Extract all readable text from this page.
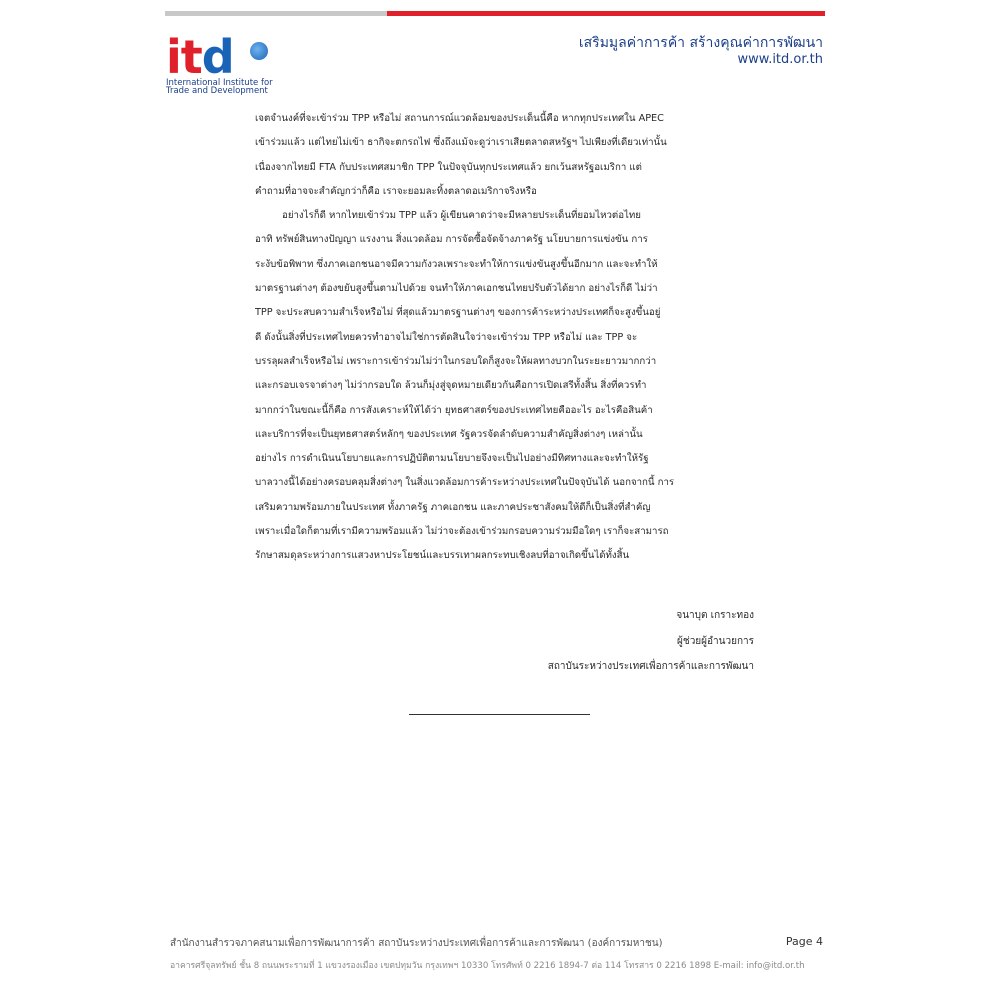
itd
International Institute for
Trade and Development
เสริมมูลค่าการค้า สร้างคุณค่าการพัฒนา
www.itd.or.th
เจตจำนงค์ที่จะเข้าร่วม TPP หรือไม่ สถานการณ์แวดล้อมของประเด็นนี้คือ หากทุกประเทศใน APEC
เข้าร่วมแล้ว แต่ไทยไม่เข้า ธากิจะตกรถไฟ ซึ่งถึงแม้จะดูว่าเราเสียตลาดสหรัฐฯ ไปเพียงที่เดียวเท่านั้น
เนื่องจากไทยมี FTA กับประเทศสมาชิก TPP ในปัจจุบันทุกประเทศแล้ว ยกเว้นสหรัฐอเมริกา แต่
คำถามที่อาจจะสำคัญกว่าก็คือ เราจะยอมละทิ้งตลาดอเมริกาจริงหรือ
อย่างไรก็ดี หากไทยเข้าร่วม TPP แล้ว ผู้เขียนคาดว่าจะมีหลายประเด็นที่ยอมไหวต่อไทย
อาทิ ทรัพย์สินทางปัญญา แรงงาน สิ่งแวดล้อม การจัดซื้อจัดจ้างภาครัฐ นโยบายการแข่งขัน การ
ระงับข้อพิพาท ซึ่งภาคเอกชนอาจมีความกังวลเพราะจะทำให้การแข่งขันสูงขึ้นอีกมาก และจะทำให้
มาตรฐานต่างๆ ต้องขยับสูงขึ้นตามไปด้วย จนทำให้ภาคเอกชนไทยปรับตัวได้ยาก อย่างไรก็ดี ไม่ว่า
TPP จะประสบความสำเร็จหรือไม่ ที่สุดแล้วมาตรฐานต่างๆ ของการค้าระหว่างประเทศก็จะสูงขึ้นอยู่
ดี ดังนั้นสิ่งที่ประเทศไทยควรทำอาจไม่ใช่การตัดสินใจว่าจะเข้าร่วม TPP หรือไม่ และ TPP จะ
บรรลุผลสำเร็จหรือไม่ เพราะการเข้าร่วมไม่ว่าในกรอบใดก็สูงจะให้ผลทางบวกในระยะยาวมากกว่า
และกรอบเจรจาต่างๆ ไม่ว่ากรอบใด ล้วนก็มุ่งสู่จุดหมายเดียวกันคือการเปิดเสรีทั้งสิ้น สิ่งที่ควรทำ
มากกว่าในขณะนี้ก็คือ การสังเคราะห์ให้ได้ว่า ยุทธศาสตร์ของประเทศไทยคืออะไร อะไรคือสินค้า
และบริการที่จะเป็นยุทธศาสตร์หลักๆ ของประเทศ รัฐควรจัดลำดับความสำคัญสิ่งต่างๆ เหล่านั้น
อย่างไร การดำเนินนโยบายและการปฏิบัติตามนโยบายจึงจะเป็นไปอย่างมีทิศทางและจะทำให้รัฐ
บาลวางนี้ได้อย่างครอบคลุมสิ่งต่างๆ ในสิ่งแวดล้อมการค้าระหว่างประเทศในปัจจุบันได้ นอกจากนี้ การ
เสริมความพร้อมภายในประเทศ ทั้งภาครัฐ ภาคเอกชน และภาคประชาสังคมให้ดีก็เป็นสิ่งที่สำคัญ
เพราะเมื่อใดก็ตามที่เรามีความพร้อมแล้ว ไม่ว่าจะต้องเข้าร่วมกรอบความร่วมมือใดๆ เราก็จะสามารถ
รักษาสมดุลระหว่างการแสวงหาประโยชน์และบรรเทาผลกระทบเชิงลบที่อาจเกิดขึ้นได้ทั้งสิ้น
จนาบุต เกราะทอง
ผู้ช่วยผู้อำนวยการ
สถาบันระหว่างประเทศเพื่อการค้าและการพัฒนา
สำนักงานสำรวจภาคสนามเพื่อการพัฒนาการค้า สถาบันระหว่างประเทศเพื่อการค้าและการพัฒนา (องค์การมหาชน)
อาคารศรีจุลทรัพย์ ชั้น 8 ถนนพระรามที่ 1 แขวงรองเมือง เขตปทุมวัน กรุงเทพฯ 10330 โทรศัพท์ 0 2216 1894-7 ต่อ 114 โทรสาร 0 2216 1898 E-mail: info@itd.or.th
Page 4
